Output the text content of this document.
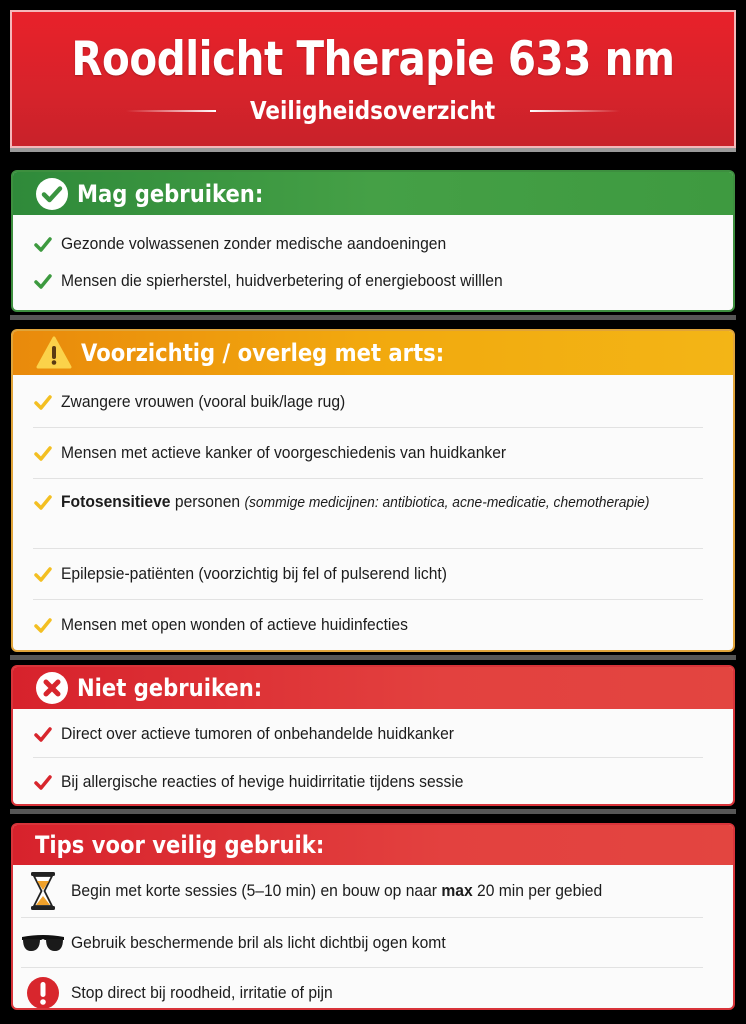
Roodlicht Therapie 633 nm
Veiligheidsoverzicht
Mag gebruiken:
Gezonde volwassenen zonder medische aandoeningen
Mensen die spierherstel, huidverbetering of energieboost willlen
Voorzichtig / overleg met arts:
Zwangere vrouwen (vooral buik/lage rug)
Mensen met actieve kanker of voorgeschiedenis van huidkanker
Fotosensitieve personen (sommige medicijnen: antibiotica, acne-medicatie, chemotherapie)
Epilepsie-patiënten (voorzichtig bij fel of pulserend licht)
Mensen met open wonden of actieve huidinfecties
Niet gebruiken:
Direct over actieve tumoren of onbehandelde huidkanker
Bij allergische reacties of hevige huidirritatie tijdens sessie
Tips voor veilig gebruik:
Begin met korte sessies (5–10 min) en bouw op naar max 20 min per gebied
Gebruik beschermende bril als licht dichtbij ogen komt
Stop direct bij roodheid, irritatie of pijn
